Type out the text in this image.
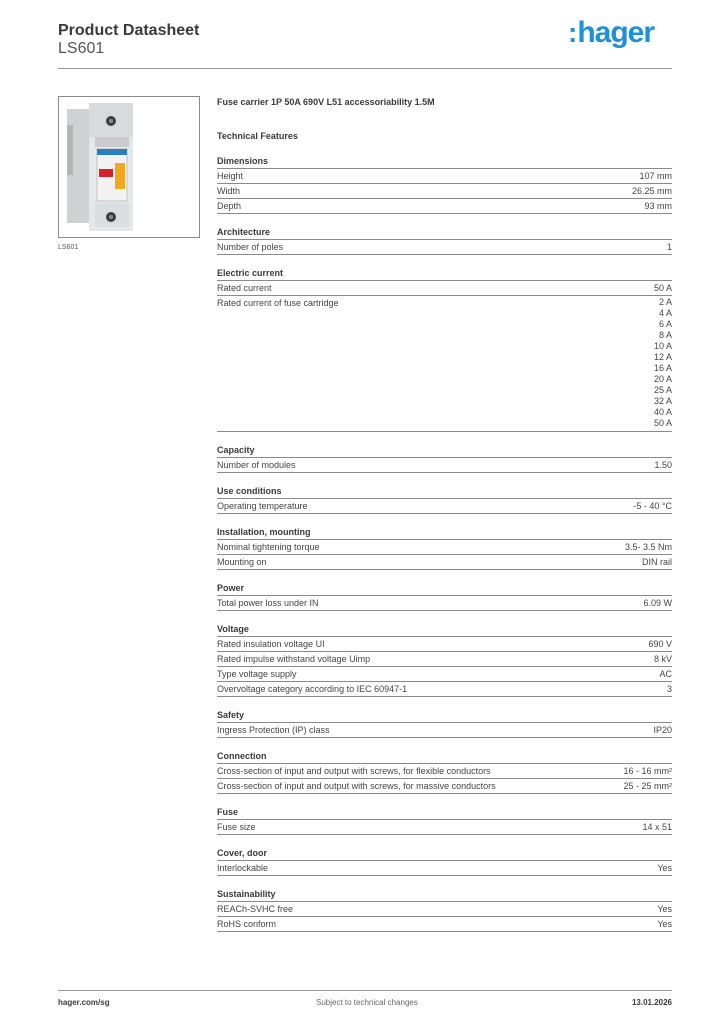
Product Datasheet
LS601
:hager
LS601
Fuse carrier 1P 50A 690V L51 accessoriability 1.5M
Technical Features
Dimensions
Height	107 mm
Width	26.25 mm
Depth	93 mm
Architecture
Number of poles	1
Electric current
Rated current	50 A
Rated current of fuse cartridge	2 A
4 A
6 A
8 A
10 A
12 A
16 A
20 A
25 A
32 A
40 A
50 A
Capacity
Number of modules	1.50
Use conditions
Operating temperature	-5 - 40 °C
Installation, mounting
Nominal tightening torque	3.5- 3.5 Nm
Mounting on	DIN rail
Power
Total power loss under IN	6.09 W
Voltage
Rated insulation voltage UI	690 V
Rated impulse withstand voltage Uimp	8 kV
Type voltage supply	AC
Overvoltage category according to IEC 60947-1	3
Safety
Ingress Protection (IP) class	IP20
Connection
Cross-section of input and output with screws, for flexible conductors	16 - 16 mm²
Cross-section of input and output with screws, for massive conductors	25 - 25 mm²
Fuse
Fuse size	14 x 51
Cover, door
Interlockable	Yes
Sustainability
REACh-SVHC free	Yes
RoHS conform	Yes
hager.com/sg	Subject to technical changes	13.01.2026
